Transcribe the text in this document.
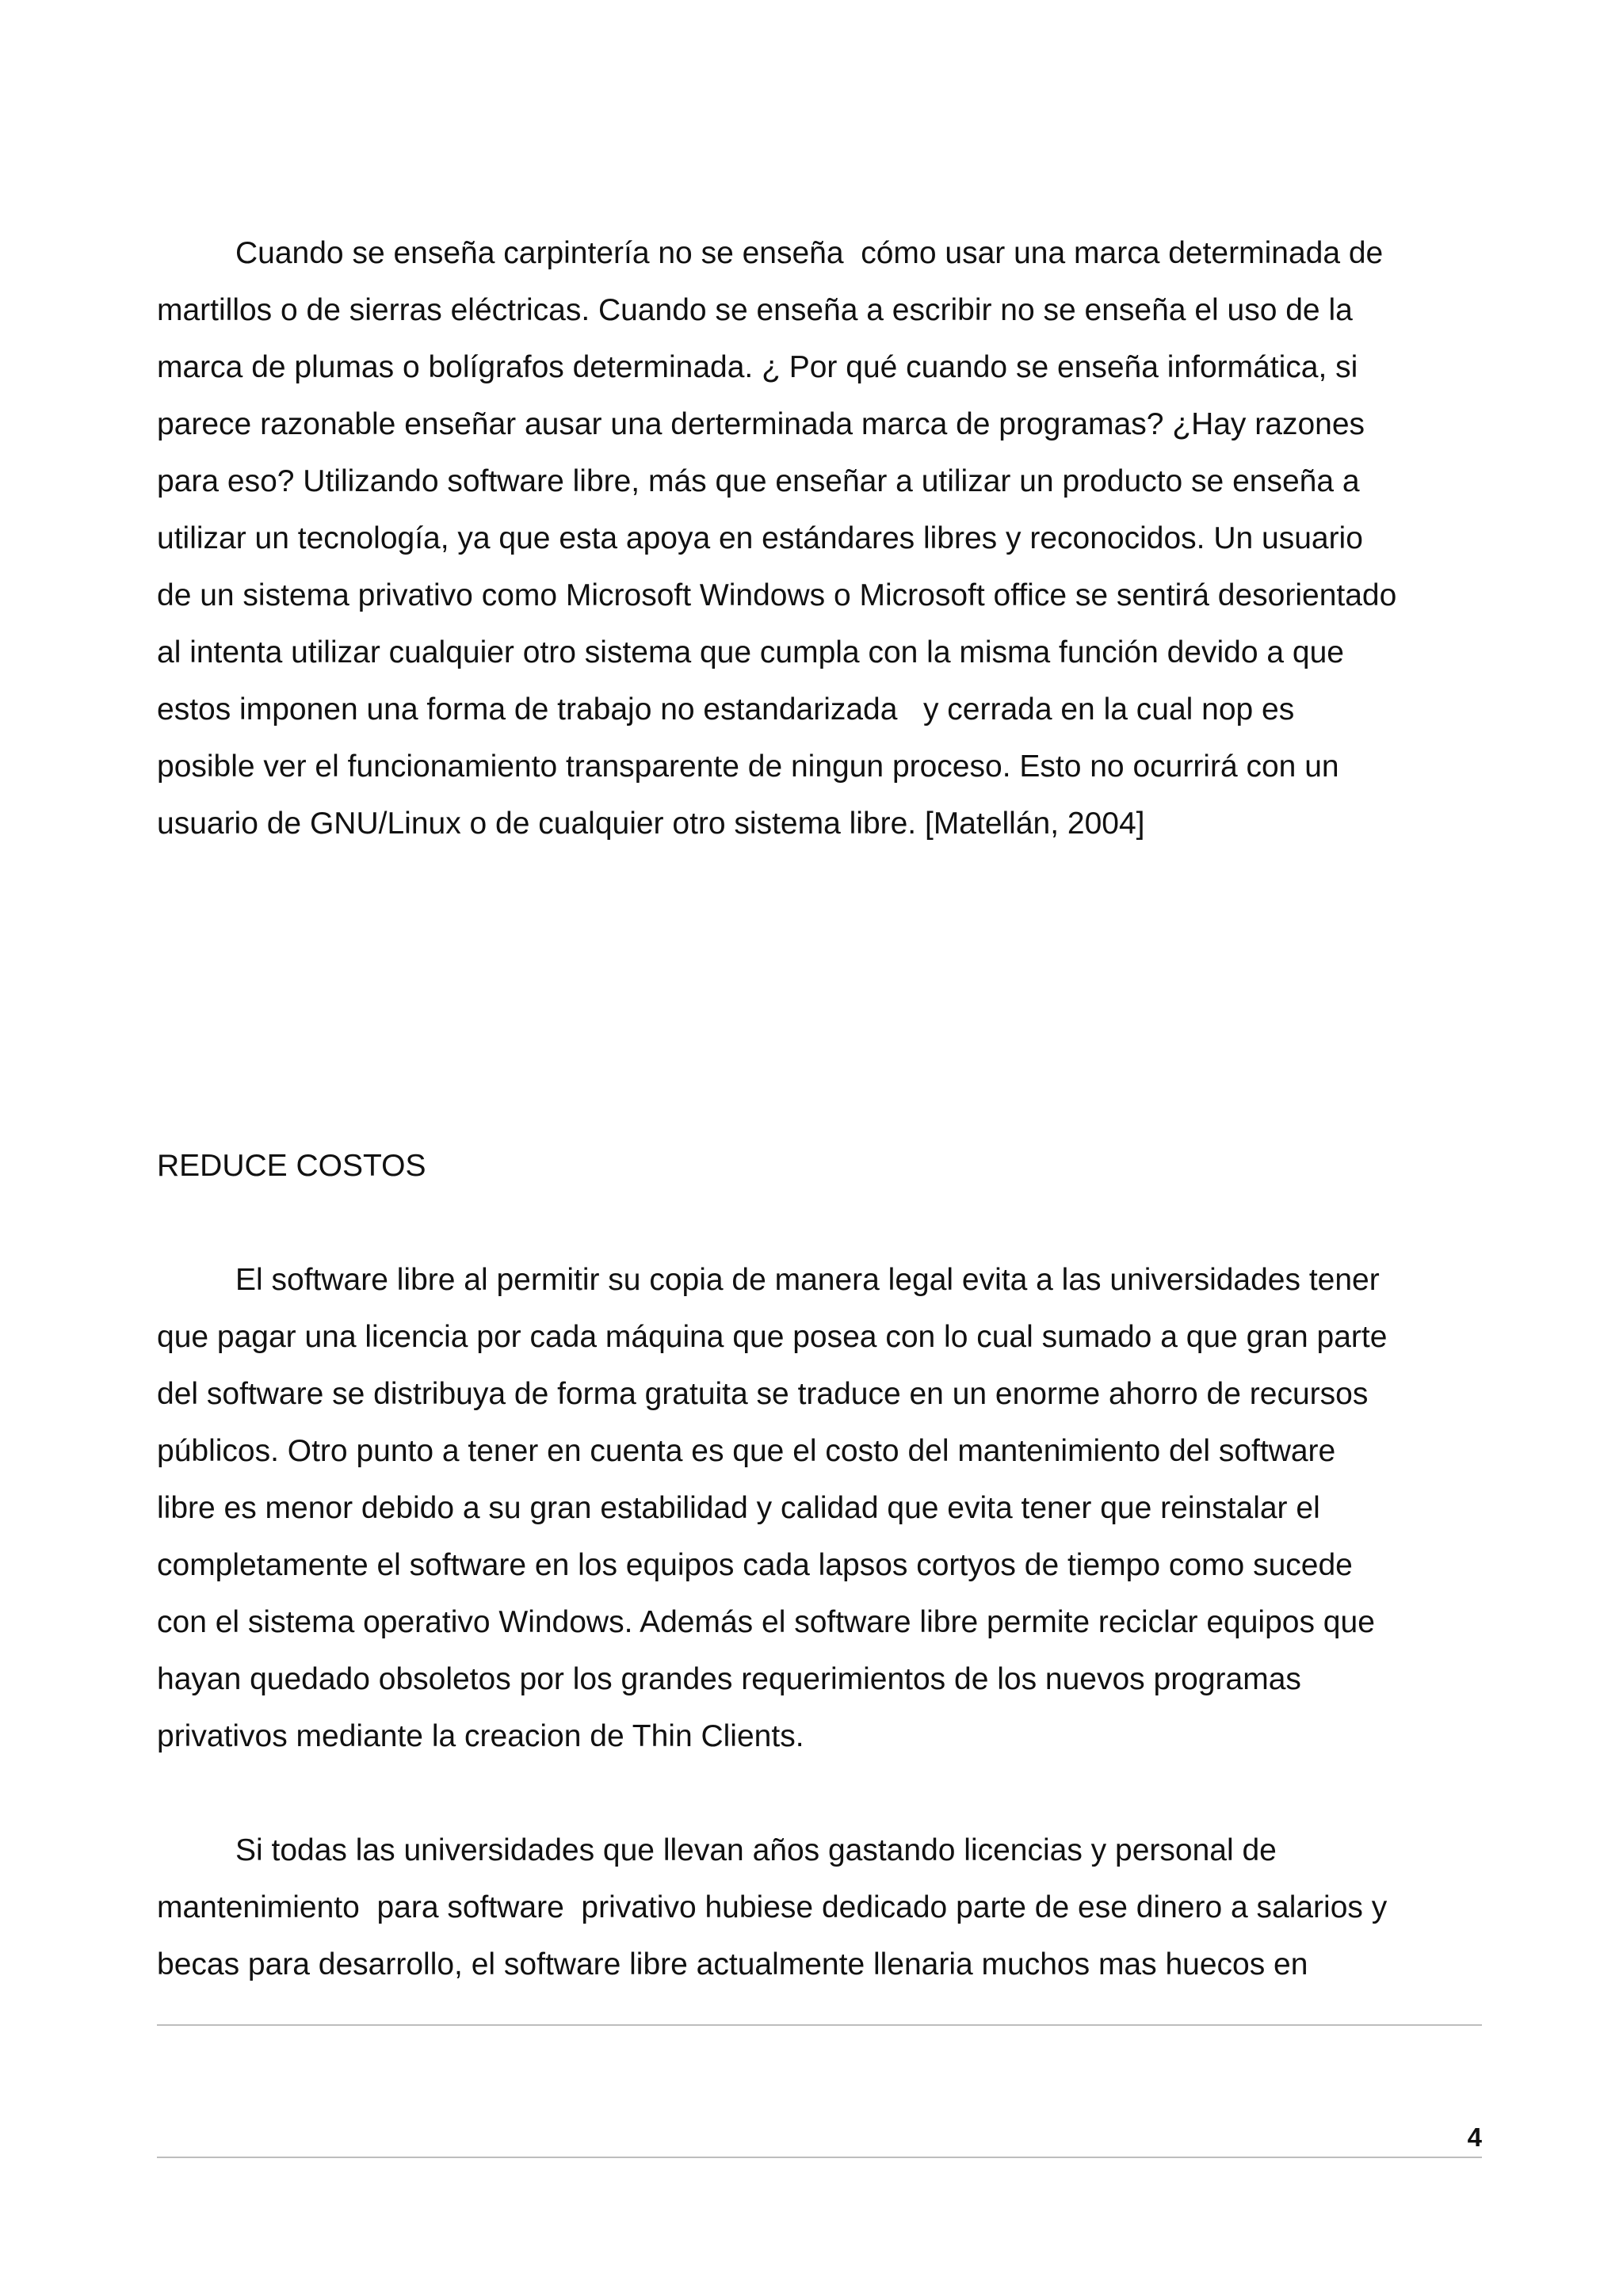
Cuando se enseña carpintería no se enseña  cómo usar una marca determinada de
martillos o de sierras eléctricas. Cuando se enseña a escribir no se enseña el uso de la
marca de plumas o bolígrafos determinada. ¿ Por qué cuando se enseña informática, si
parece razonable enseñar ausar una derterminada marca de programas? ¿Hay razones
para eso? Utilizando software libre, más que enseñar a utilizar un producto se enseña a
utilizar un tecnología, ya que esta apoya en estándares libres y reconocidos. Un usuario
de un sistema privativo como Microsoft Windows o Microsoft office se sentirá desorientado
al intenta utilizar cualquier otro sistema que cumpla con la misma función devido a que
estos imponen una forma de trabajo no estandarizada   y cerrada en la cual nop es
posible ver el funcionamiento transparente de ningun proceso. Esto no ocurrirá con un
usuario de GNU/Linux o de cualquier otro sistema libre. [Matellán, 2004]
REDUCE COSTOS
El software libre al permitir su copia de manera legal evita a las universidades tener
que pagar una licencia por cada máquina que posea con lo cual sumado a que gran parte
del software se distribuya de forma gratuita se traduce en un enorme ahorro de recursos
públicos. Otro punto a tener en cuenta es que el costo del mantenimiento del software
libre es menor debido a su gran estabilidad y calidad que evita tener que reinstalar el
completamente el software en los equipos cada lapsos cortyos de tiempo como sucede
con el sistema operativo Windows. Además el software libre permite reciclar equipos que
hayan quedado obsoletos por los grandes requerimientos de los nuevos programas
privativos mediante la creacion de Thin Clients.
Si todas las universidades que llevan años gastando licencias y personal de
mantenimiento  para software  privativo hubiese dedicado parte de ese dinero a salarios y
becas para desarrollo, el software libre actualmente llenaria muchos mas huecos en
4
